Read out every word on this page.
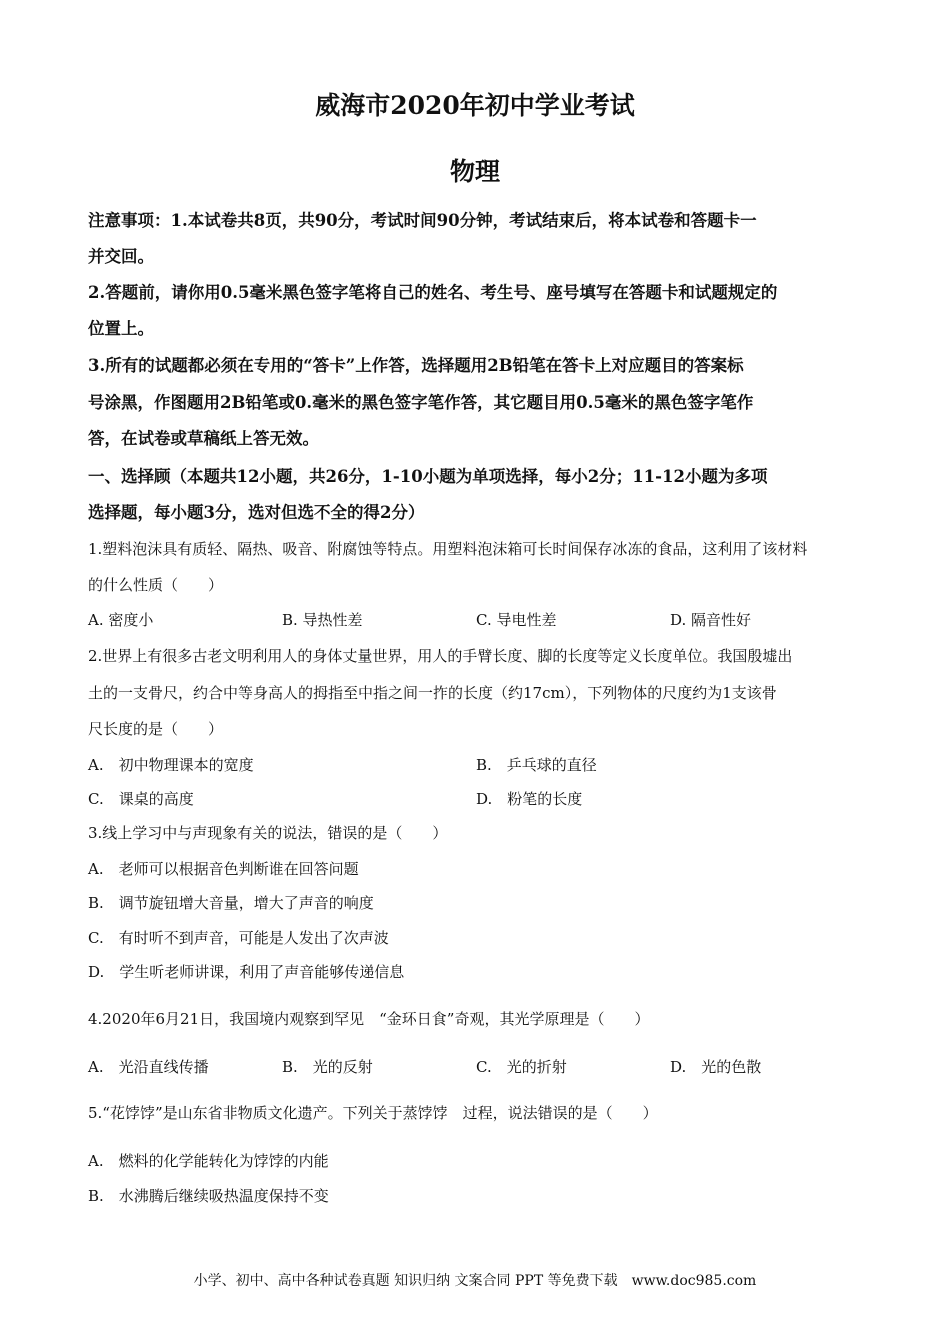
威海市2020年初中学业考试
物理
注意事项：1.本试卷共8页，共90分，考试时间90分钟，考试结束后，将本试卷和答题卡一
并交回。
2.答题前，请你用0.5毫米黑色签字笔将自己的姓名、考生号、座号填写在答题卡和试题规定的
位置上。
3.所有的试题都必须在专用的“答卡”上作答，选择题用2B铅笔在答卡上对应题目的答案标
号涂黑，作图题用2B铅笔或0.毫米的黑色签字笔作答，其它题目用0.5毫米的黑色签字笔作
答，在试卷或草稿纸上答无效。
一、选择顾（本题共12小题，共26分，1-10小题为单项选择，每小2分；11-12小题为多项
选择题，每小题3分，选对但选不全的得2分）
1.塑料泡沫具有质轻、隔热、吸音、附腐蚀等特点。用塑料泡沫箱可长时间保存冰冻的食品，这利用了该材料
的什么性质（　　）
A. 密度小	B. 导热性差	C. 导电性差	D. 隔音性好
2.世界上有很多古老文明利用人的身体丈量世界，用人的手臂长度、脚的长度等定义长度单位。我国殷墟出
土的一支骨尺，约合中等身高人的拇指至中指之间一拃的长度（约17cm），下列物体的尺度约为1支该骨
尺长度的是（　　）
A.　初中物理课本的宽度	B.　乒乓球的直径
C.　课桌的高度	D.　粉笔的长度
3.线上学习中与声现象有关的说法，错误的是（　　）
A.　老师可以根据音色判断谁在回答问题
B.　调节旋钮增大音量，增大了声音的响度
C.　有时听不到声音，可能是人发出了次声波
D.　学生听老师讲课，利用了声音能够传递信息
4.2020年6月21日，我国境内观察到罕见　“金环日食”奇观，其光学原理是（　　）
A.　光沿直线传播	B.　光的反射	C.　光的折射	D.　光的色散
5.“花饽饽”是山东省非物质文化遗产。下列关于蒸饽饽　过程，说法错误的是（　　）
A.　燃料的化学能转化为饽饽的内能
B.　水沸腾后继续吸热温度保持不变
小学、初中、高中各种试卷真题 知识归纳 文案合同 PPT 等免费下载　www.doc985.com
